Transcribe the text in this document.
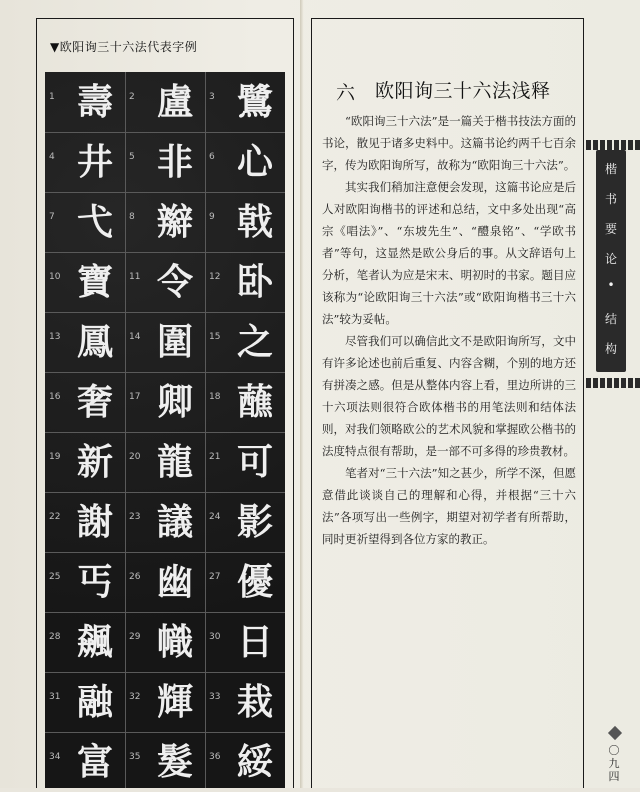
▼欧阳询三十六法代表字例
1 壽	2 盧	3 鷺
4 井	5 非	6 心
7 弋	8 辮	9 戟
10 寶	11 令	12 卧
13 鳳	14 圍	15 之
16 奢	17 卿	18 蘸
19 新	20 龍	21 可
22 謝	23 議	24 影
25 丐	26 幽	27 優
28 飆	29 幟	30 日
31 融	32 輝	33 栽
34 富	35 髮	36 綏
六 欧阳询三十六法浅释

“欧阳询三十六法”是一篇关于楷书技法方面的书论，散见于诸多史料中。这篇书论约两千七百余字，传为欧阳询所写，故称为“欧阳询三十六法”。

其实我们稍加注意便会发现，这篇书论应是后人对欧阳询楷书的评述和总结，文中多处出现“高宗《唱法》”、“东坡先生”、“醴泉铭”、“学欧书者”等句，这显然是欧公身后的事。从文辞语句上分析，笔者认为应是宋末、明初时的书家。题目应该称为“论欧阳询三十六法”或“欧阳询楷书三十六法”较为妥帖。

尽管我们可以确信此文不是欧阳询所写，文中有许多论述也前后重复、内容含糊，个别的地方还有拼凑之感。但是从整体内容上看，里边所讲的三十六项法则很符合欧体楷书的用笔法则和结体法则，对我们领略欧公的艺术风貌和掌握欧公楷书的法度特点很有帮助，是一部不可多得的珍贵教材。

笔者对“三十六法”知之甚少，所学不深，但愿意借此谈谈自己的理解和心得，并根据“三十六法”各项写出一些例字，期望对初学者有所帮助，同时更祈望得到各位方家的教正。

楷
书
要
论
•
结
构
〇
九
四
